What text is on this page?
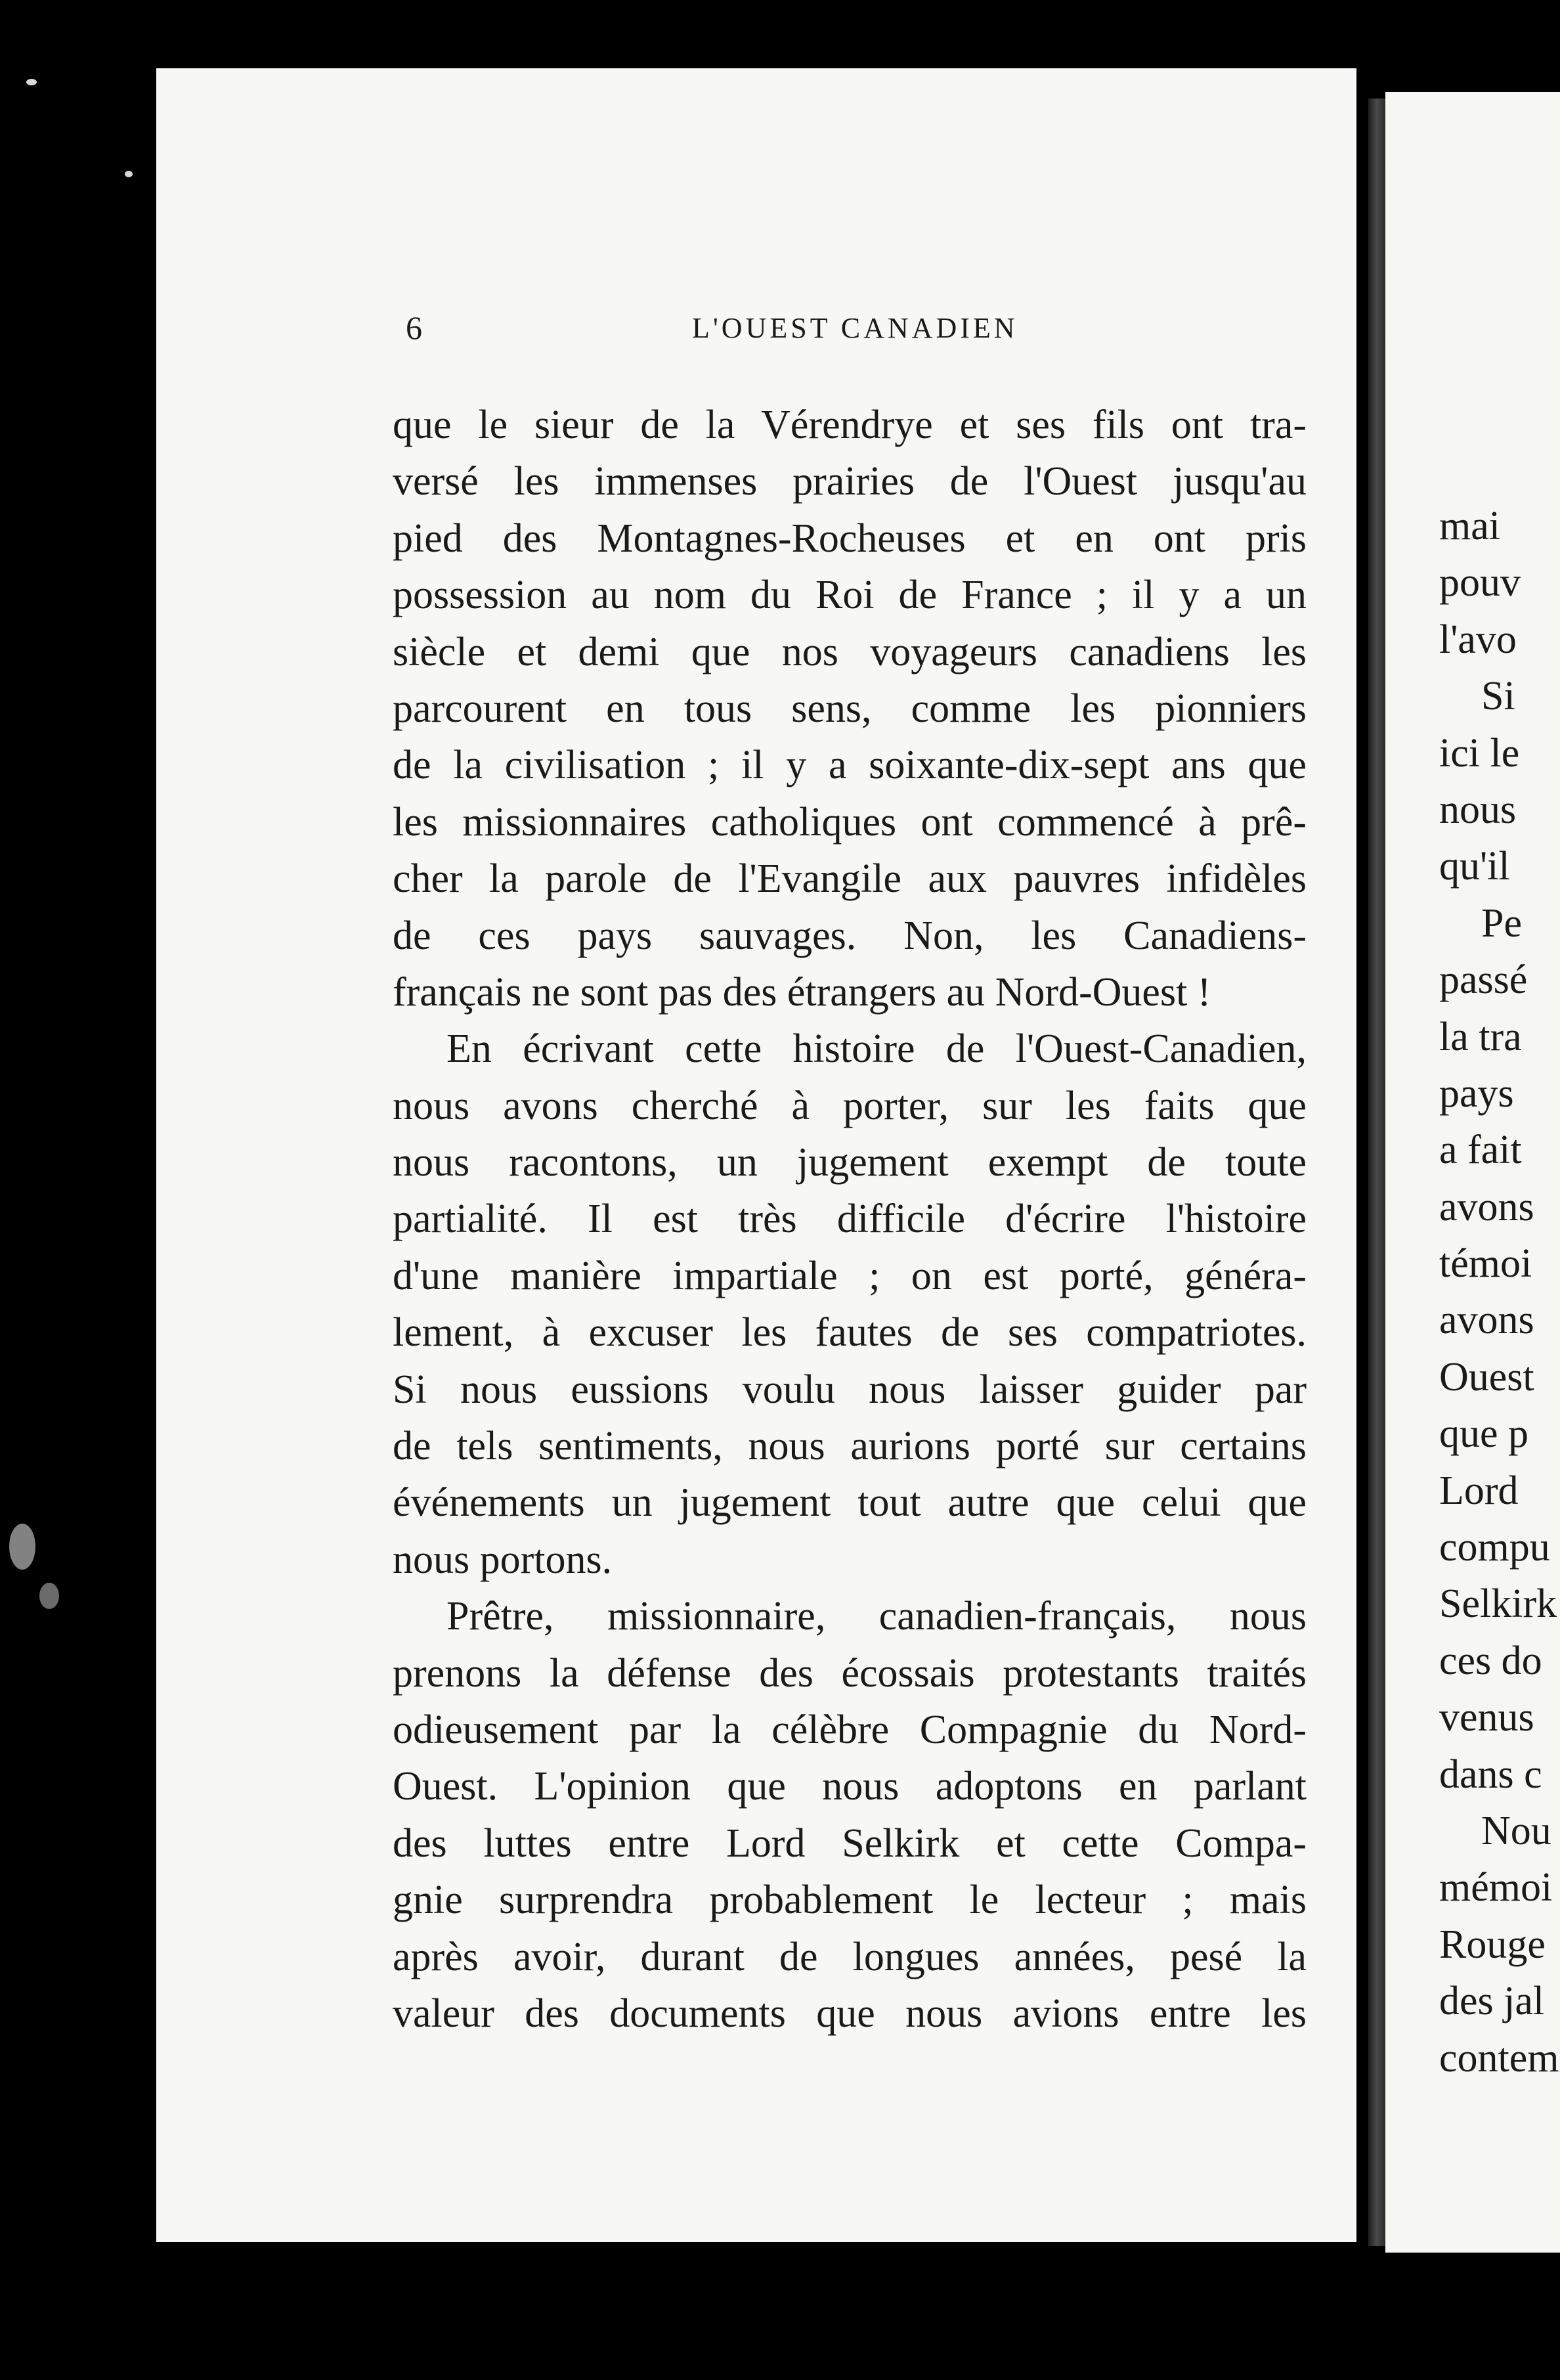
mai
pouv
l'avo
Si
ici le
nous
qu'il
Pe
passé
la tra
pays
a fait
avons
témoi
avons
Ouest
que p
Lord
compu
Selkirk
ces do
venus
dans c
Nou
mémoi
Rouge
des jal
contem
6	L'OUEST CANADIEN
que le sieur de la Vérendrye et ses fils ont tra-
versé les immenses prairies de l'Ouest jusqu'au
pied des Montagnes-Rocheuses et en ont pris
possession au nom du Roi de France ; il y a un
siècle et demi que nos voyageurs canadiens les
parcourent en tous sens, comme les pionniers
de la civilisation ; il y a soixante-dix-sept ans que
les missionnaires catholiques ont commencé à prê-
cher la parole de l'Evangile aux pauvres infidèles
de ces pays sauvages. Non, les Canadiens-
français ne sont pas des étrangers au Nord-Ouest !
En écrivant cette histoire de l'Ouest-Canadien,
nous avons cherché à porter, sur les faits que
nous racontons, un jugement exempt de toute
partialité. Il est très difficile d'écrire l'histoire
d'une manière impartiale ; on est porté, généra-
lement, à excuser les fautes de ses compatriotes.
Si nous eussions voulu nous laisser guider par
de tels sentiments, nous aurions porté sur certains
événements un jugement tout autre que celui que
nous portons.
Prêtre, missionnaire, canadien-français, nous
prenons la défense des écossais protestants traités
odieusement par la célèbre Compagnie du Nord-
Ouest. L'opinion que nous adoptons en parlant
des luttes entre Lord Selkirk et cette Compa-
gnie surprendra probablement le lecteur ; mais
après avoir, durant de longues années, pesé la
valeur des documents que nous avions entre les
